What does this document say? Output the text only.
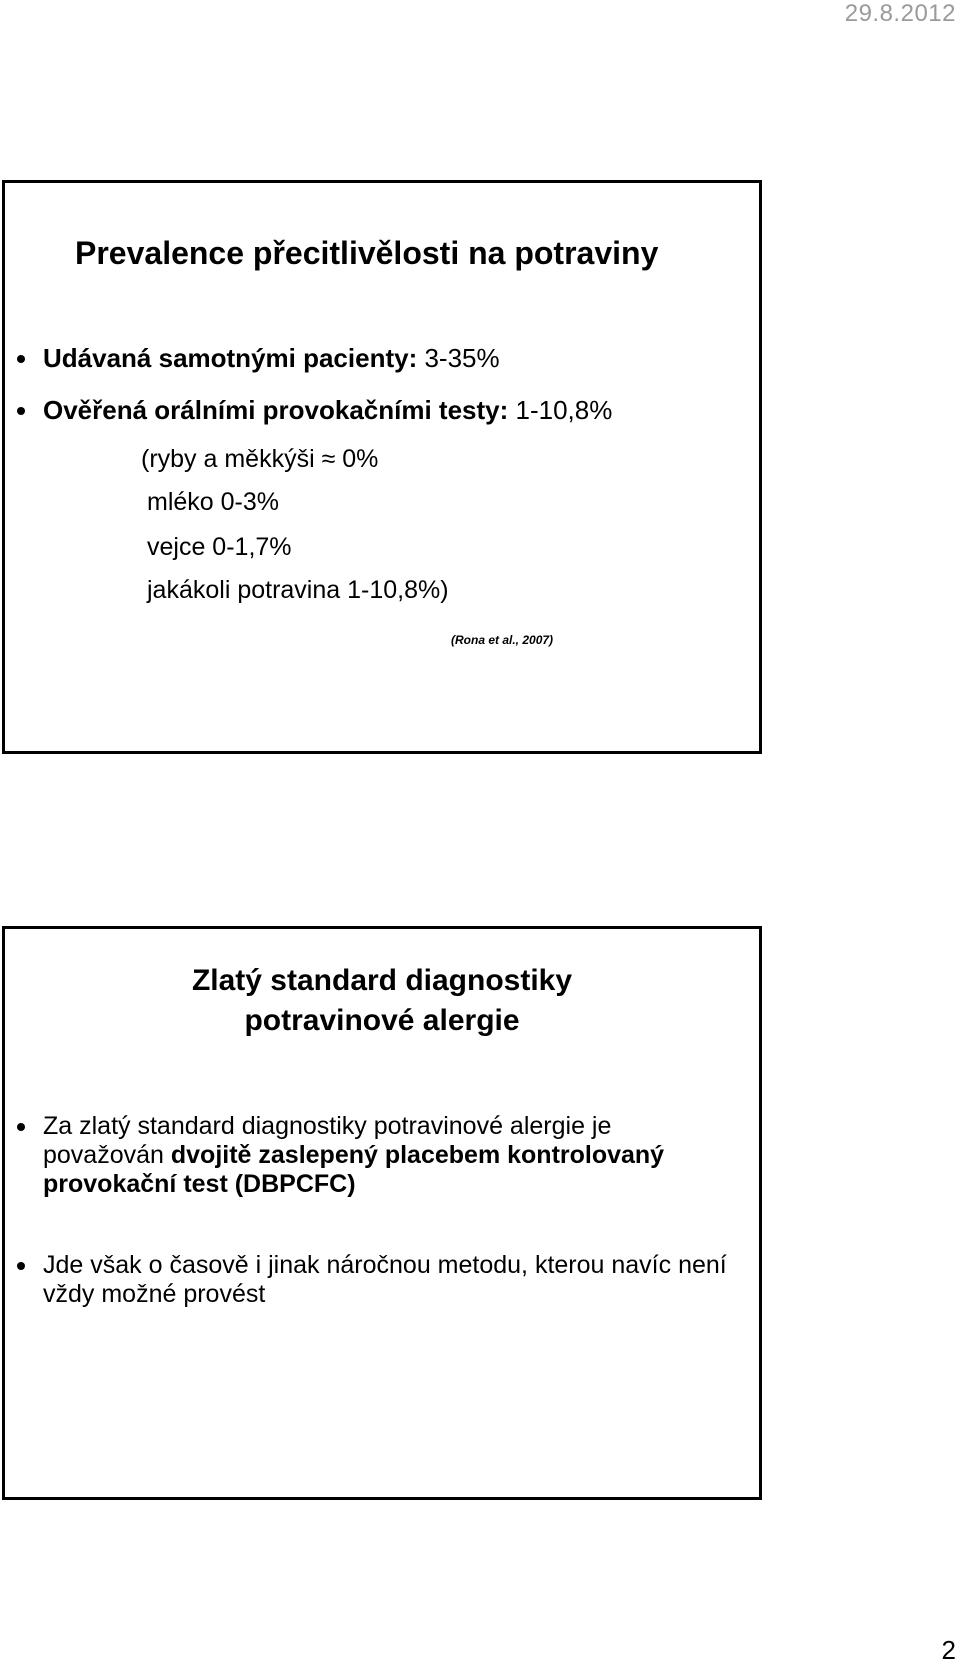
29.8.2012
Prevalence přecitlivělosti na potraviny
Udávaná samotnými pacienty: 3-35%
Ověřená orálními provokačními testy: 1-10,8%
(ryby a měkkýši ≈ 0%
mléko 0-3%
vejce 0-1,7%
jakákoli potravina 1-10,8%)
(Rona et al., 2007)
Zlatý standard diagnostiky
potravinové alergie
Za zlatý standard diagnostiky potravinové alergie je považován dvojitě zaslepený placebem kontrolovaný provokační test (DBPCFC)
Jde však o časově i jinak náročnou metodu, kterou navíc není vždy možné provést
2
